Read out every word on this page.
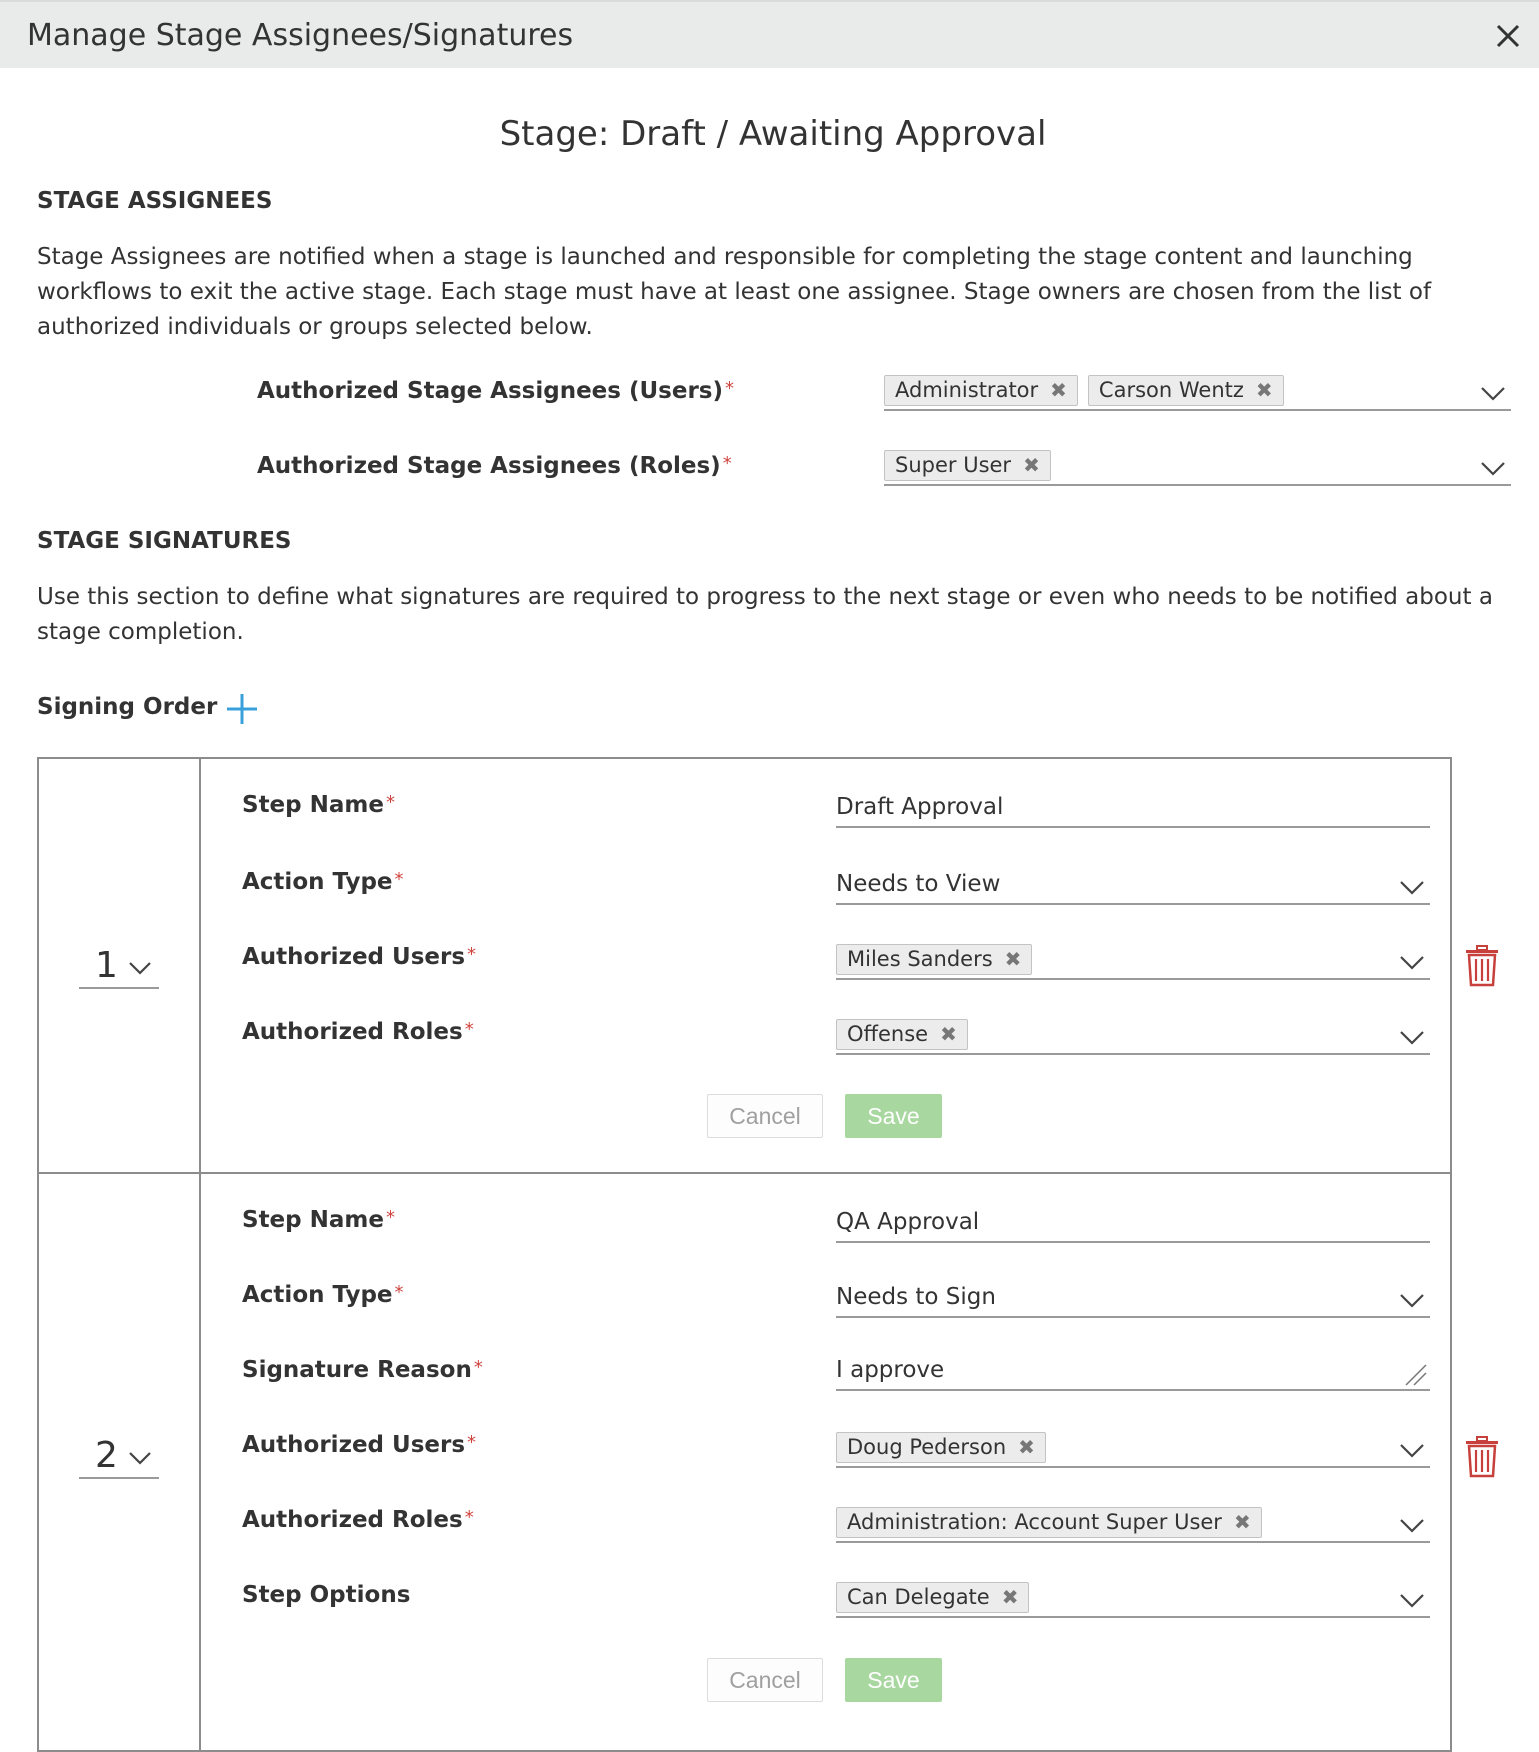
Manage Stage Assignees/Signatures
Stage: Draft / Awaiting Approval
STAGE ASSIGNEES
Stage Assignees are notified when a stage is launched and responsible for completing the stage content and launching workflows to exit the active stage. Each stage must have at least one assignee. Stage owners are chosen from the list of authorized individuals or groups selected below.
Authorized Stage Assignees (Users) *	Administrator ✖ Carson Wentz ✖
Authorized Stage Assignees (Roles) *	Super User ✖
STAGE SIGNATURES
Use this section to define what signatures are required to progress to the next stage or even who needs to be notified about a stage completion.
Signing Order
1
Step Name *	Draft Approval
Action Type *	Needs to View
Authorized Users *	Miles Sanders ✖
Authorized Roles *	Offense ✖
Cancel	Save
2
Step Name *	QA Approval
Action Type *	Needs to Sign
Signature Reason *	I approve
Authorized Users *	Doug Pederson ✖
Authorized Roles *	Administration: Account Super User ✖
Step Options	Can Delegate ✖
Cancel	Save
